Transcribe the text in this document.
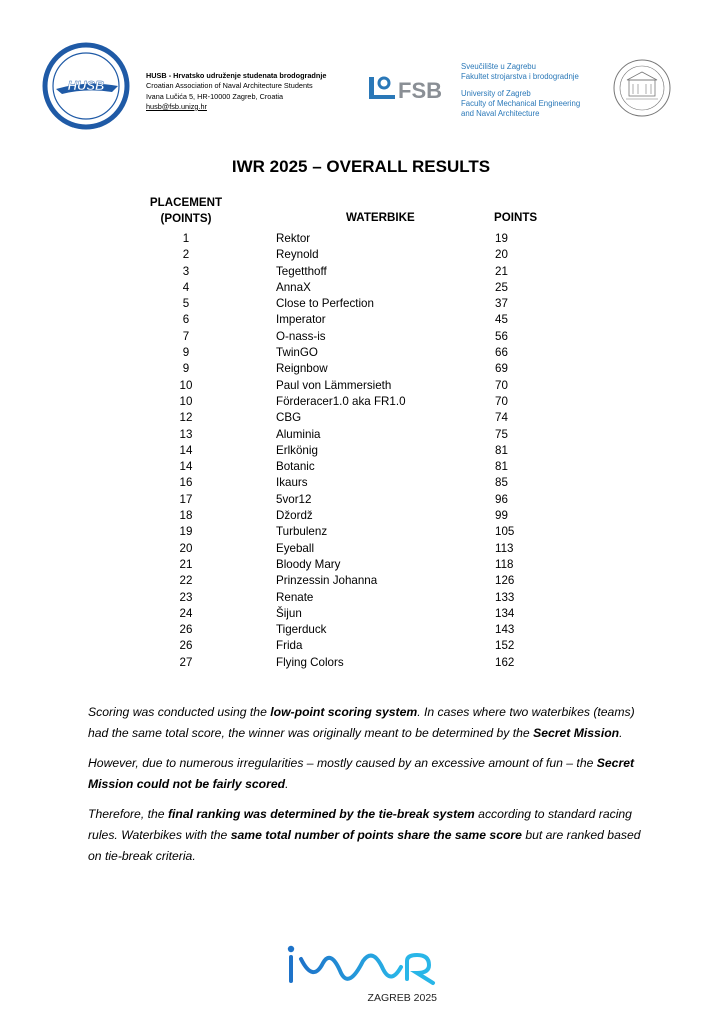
HUSB
HUSB - Hrvatsko udruženje studenata brodogradnje
Croatian Association of Naval Architecture Students
Ivana Lučića 5, HR-10000 Zagreb, Croatia
husb@fsb.unizg.hr
FSB
Sveučilište u Zagrebu
Fakultet strojarstva i brodogradnje
University of Zagreb
Faculty of Mechanical Engineering
and Naval Architecture
IWR 2025 – OVERALL RESULTS
PLACEMENT
(POINTS)	WATERBIKE	POINTS
1	Rektor	19
2	Reynold	20
3	Tegetthoff	21
4	AnnaX	25
5	Close to Perfection	37
6	Imperator	45
7	O-nass-is	56
9	TwinGO	66
9	Reignbow	69
10	Paul von Lämmersieth	70
10	Förderacer1.0 aka FR1.0	70
12	CBG	74
13	Aluminia	75
14	Erlkönig	81
14	Botanic	81
16	Ikaurs	85
17	5vor12	96
18	Džordž	99
19	Turbulenz	105
20	Eyeball	113
21	Bloody Mary	118
22	Prinzessin Johanna	126
23	Renate	133
24	Šijun	134
26	Tigerduck	143
26	Frida	152
27	Flying Colors	162

Scoring was conducted using the low-point scoring system. In cases where two waterbikes (teams) had the same total score, the winner was originally meant to be determined by the Secret Mission.

However, due to numerous irregularities – mostly caused by an excessive amount of fun – the Secret Mission could not be fairly scored.

Therefore, the final ranking was determined by the tie-break system according to standard racing rules. Waterbikes with the same total number of points share the same score but are ranked based on tie-break criteria.

ZAGREB 2025
